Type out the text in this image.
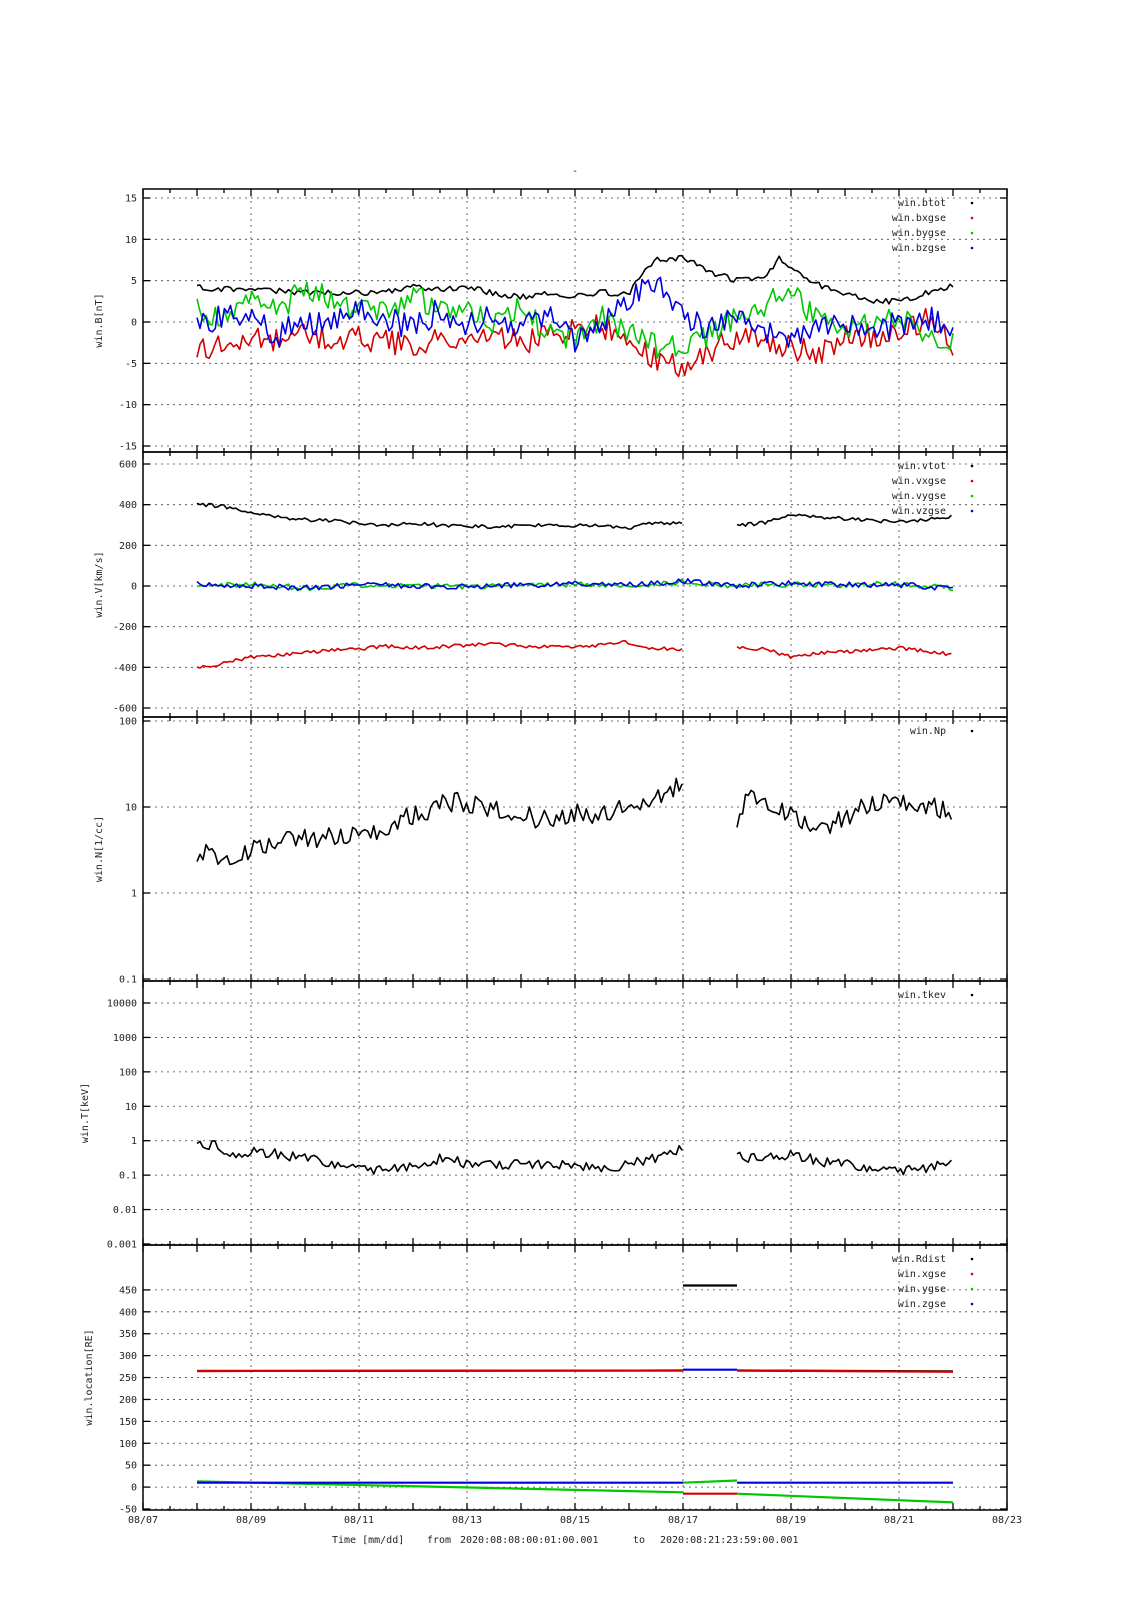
-
15
10
5
0
-5
-10
-15
win.B[nT]
win.btot
win.bxgse
win.bygse
win.bzgse
600
400
200
0
-200
-400
-600
win.V[km/s]
win.vtot
win.vxgse
win.vygse
win.vzgse
100
10
1
0.1
win.N[1/cc]
win.Np
10000
1000
100
10
1
0.1
0.01
0.001
win.T[keV]
win.tkev
450
400
350
300
250
200
150
100
50
0
-50
win.location[RE]
win.Rdist
win.xgse
win.ygse
win.zgse
08/07	08/09	08/11	08/13	08/15	08/17	08/19	08/21	08/23
Time [mm/dd] from 2020:08:08:00:01:00.001	to 2020:08:21:23:59:00.001
